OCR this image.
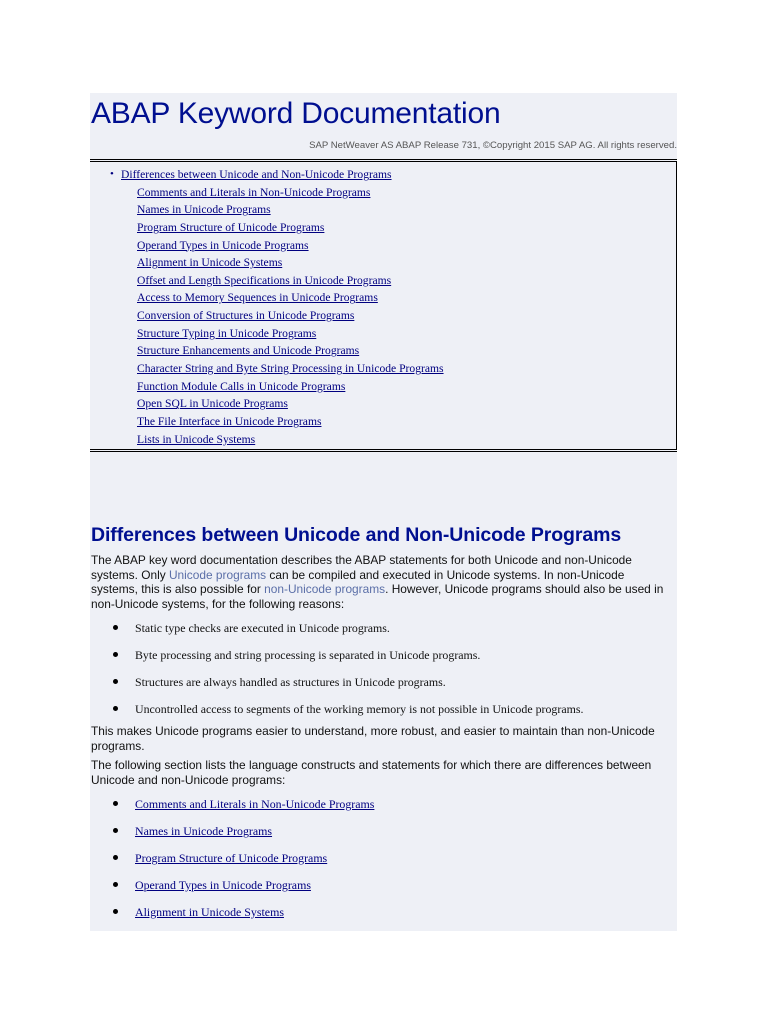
ABAP Keyword Documentation
SAP NetWeaver AS ABAP Release 731, ©Copyright 2015 SAP AG. All rights reserved.
• Differences between Unicode and Non-Unicode Programs
Comments and Literals in Non-Unicode Programs
Names in Unicode Programs
Program Structure of Unicode Programs
Operand Types in Unicode Programs
Alignment in Unicode Systems
Offset and Length Specifications in Unicode Programs
Access to Memory Sequences in Unicode Programs
Conversion of Structures in Unicode Programs
Structure Typing in Unicode Programs
Structure Enhancements and Unicode Programs
Character String and Byte String Processing in Unicode Programs
Function Module Calls in Unicode Programs
Open SQL in Unicode Programs
The File Interface in Unicode Programs
Lists in Unicode Systems
Differences between Unicode and Non-Unicode Programs

The ABAP key word documentation describes the ABAP statements for both Unicode and non-Unicode systems. Only Unicode programs can be compiled and executed in Unicode systems. In non-Unicode systems, this is also possible for non-Unicode programs. However, Unicode programs should also be used in non-Unicode systems, for the following reasons:

Static type checks are executed in Unicode programs.
Byte processing and string processing is separated in Unicode programs.
Structures are always handled as structures in Unicode programs.
Uncontrolled access to segments of the working memory is not possible in Unicode programs.

This makes Unicode programs easier to understand, more robust, and easier to maintain than non-Unicode programs.

The following section lists the language constructs and statements for which there are differences between Unicode and non-Unicode programs:

Comments and Literals in Non-Unicode Programs
Names in Unicode Programs
Program Structure of Unicode Programs
Operand Types in Unicode Programs
Alignment in Unicode Systems
